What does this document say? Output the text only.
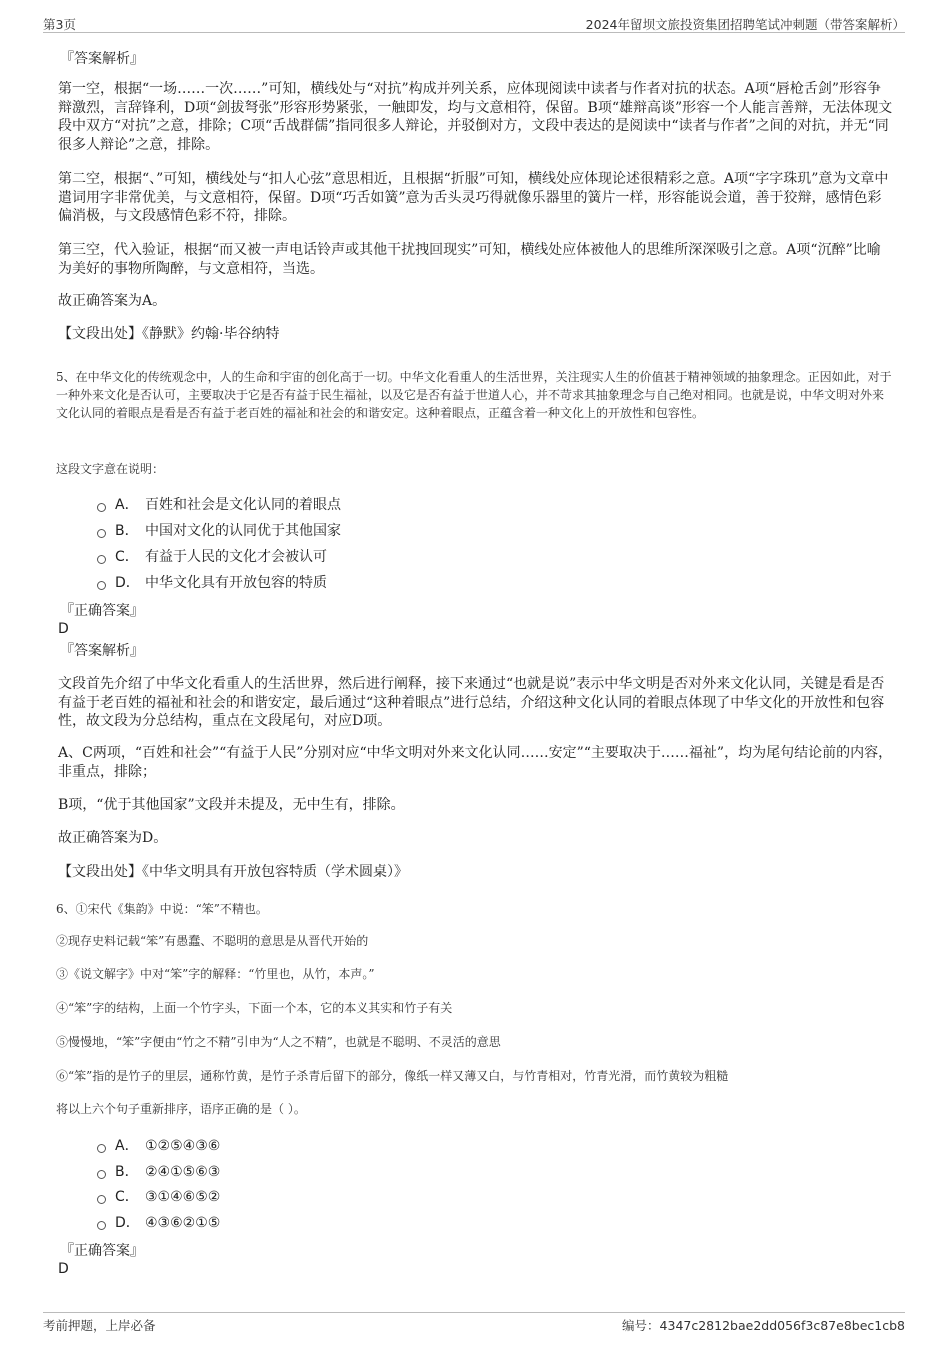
第3页	2024年留坝文旅投资集团招聘笔试冲刺题（带答案解析）
『答案解析』

第一空，根据“一场……一次……”可知，横线处与“对抗”构成并列关系，应体现阅读中读者与作者对抗的状态。A项“唇枪舌剑”形容争辩激烈，言辞锋利，D项“剑拔弩张”形容形势紧张，一触即发，均与文意相符，保留。B项“雄辩高谈”形容一个人能言善辩，无法体现文段中双方“对抗”之意，排除；C项“舌战群儒”指同很多人辩论，并驳倒对方，文段中表达的是阅读中“读者与作者”之间的对抗，并无“同很多人辩论”之意，排除。

第二空，根据“、”可知，横线处与“扣人心弦”意思相近，且根据“折服”可知，横线处应体现论述很精彩之意。A项“字字珠玑”意为文章中遣词用字非常优美，与文意相符，保留。D项“巧舌如簧”意为舌头灵巧得就像乐器里的簧片一样，形容能说会道，善于狡辩，感情色彩偏消极，与文段感情色彩不符，排除。

第三空，代入验证，根据“而又被一声电话铃声或其他干扰拽回现实”可知，横线处应体被他人的思维所深深吸引之意。A项“沉醉”比喻为美好的事物所陶醉，与文意相符，当选。

故正确答案为A。

【文段出处】《静默》约翰·毕谷纳特

5、在中华文化的传统观念中，人的生命和宇宙的创化高于一切。中华文化看重人的生活世界，关注现实人生的价值甚于精神领域的抽象理念。正因如此，对于一种外来文化是否认可，主要取决于它是否有益于民生福祉，以及它是否有益于世道人心，并不苛求其抽象理念与自己绝对相同。也就是说，中华文明对外来文化认同的着眼点是看是否有益于老百姓的福祉和社会的和谐安定。这种着眼点，正蕴含着一种文化上的开放性和包容性。

这段文字意在说明：

A． 百姓和社会是文化认同的着眼点
B． 中国对文化的认同优于其他国家
C． 有益于人民的文化才会被认可
D． 中华文化具有开放包容的特质
『正确答案』
D
『答案解析』

文段首先介绍了中华文化看重人的生活世界，然后进行阐释，接下来通过“也就是说”表示中华文明是否对外来文化认同，关键是看是否有益于老百姓的福祉和社会的和谐安定，最后通过“这种着眼点”进行总结，介绍这种文化认同的着眼点体现了中华文化的开放性和包容性，故文段为分总结构，重点在文段尾句，对应D项。

A、C两项，“百姓和社会”“有益于人民”分别对应“中华文明对外来文化认同……安定”“主要取决于……福祉”，均为尾句结论前的内容，非重点，排除；

B项，“优于其他国家”文段并未提及，无中生有，排除。

故正确答案为D。

【文段出处】《中华文明具有开放包容特质（学术圆桌）》

6、①宋代《集韵》中说：“笨”不精也。

②现存史料记载“笨”有愚蠢、不聪明的意思是从晋代开始的

③《说文解字》中对“笨”字的解释：“竹里也，从竹，本声。”

④“笨”字的结构，上面一个竹字头，下面一个本，它的本义其实和竹子有关

⑤慢慢地，“笨”字便由“竹之不精”引申为“人之不精”，也就是不聪明、不灵活的意思

⑥“笨”指的是竹子的里层，通称竹黄，是竹子杀青后留下的部分，像纸一样又薄又白，与竹青相对，竹青光滑，而竹黄较为粗糙

将以上六个句子重新排序，语序正确的是（ ）。

A． ①②⑤④③⑥
B． ②④①⑤⑥③
C． ③①④⑥⑤②
D． ④③⑥②①⑤
『正确答案』
D
考前押题，上岸必备	编号：4347c2812bae2dd056f3c87e8bec1cb8
